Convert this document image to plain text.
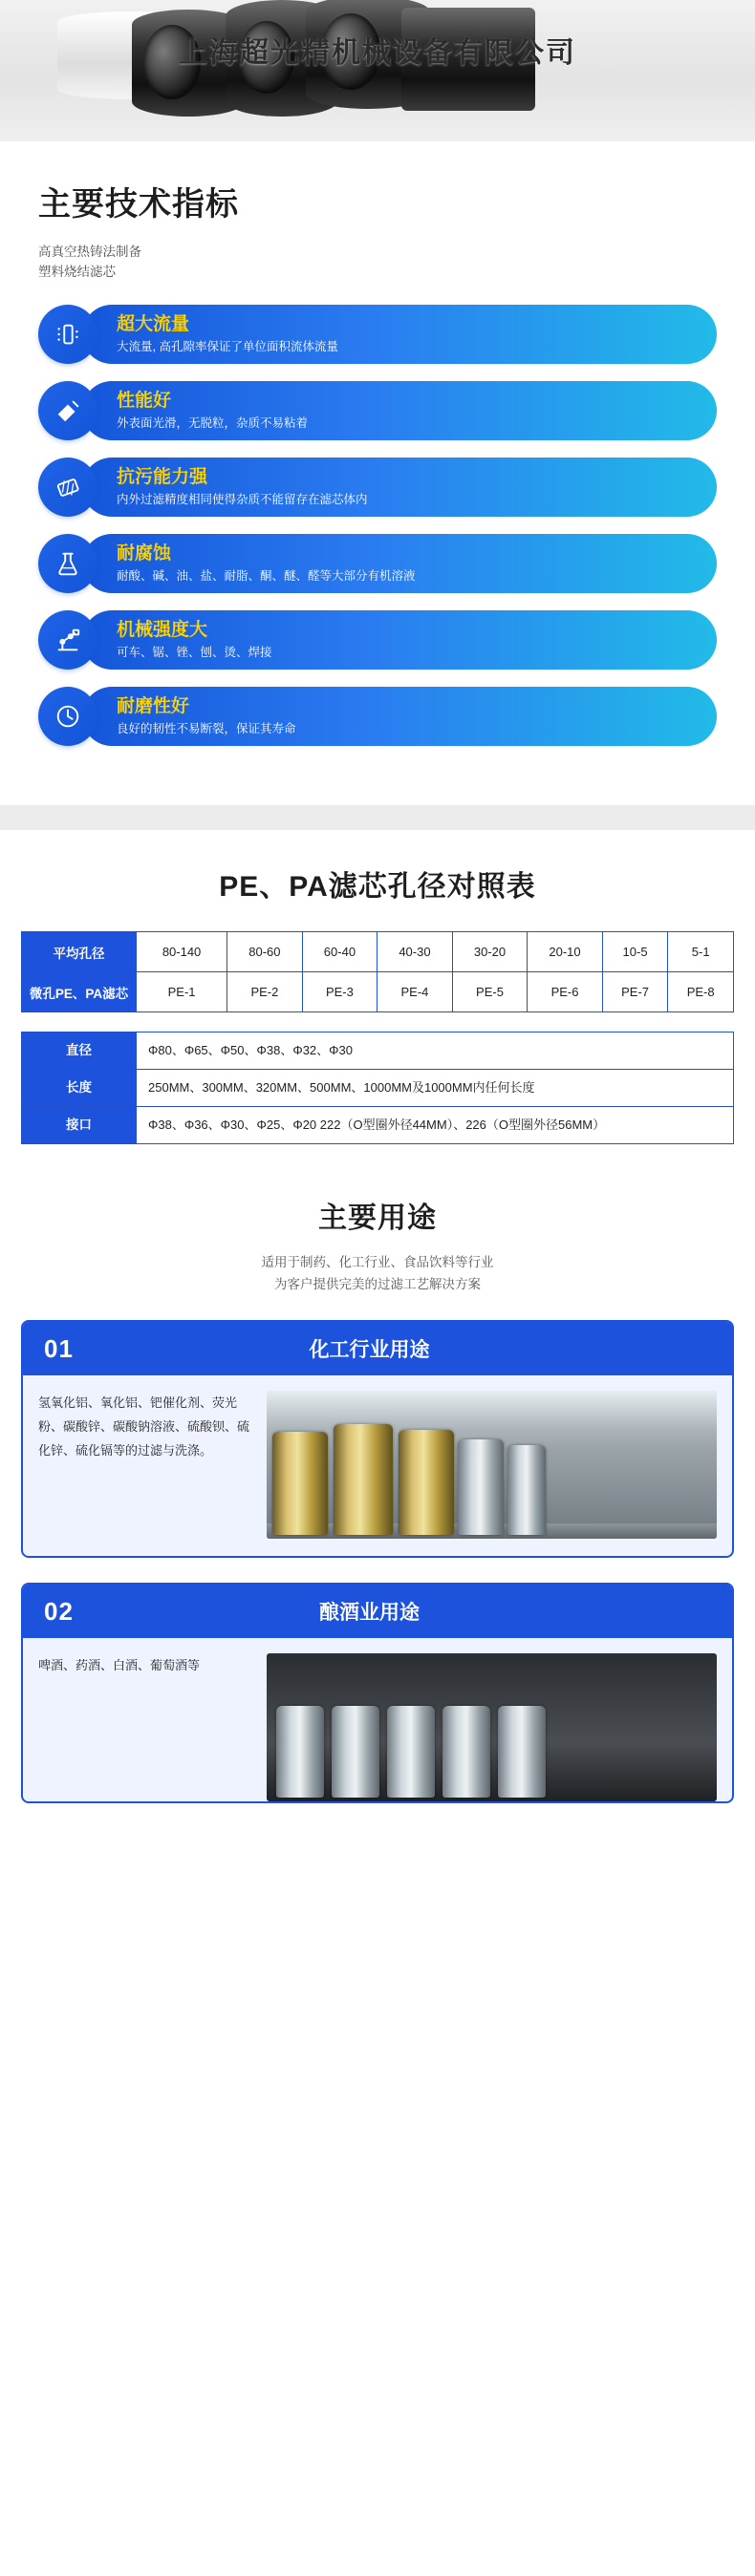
上海超光精机械设备有限公司
主要技术指标
高真空热铸法制备
塑料烧结滤芯
超大流量
大流量, 高孔隙率保证了单位面积流体流量
性能好
外表面光滑，无脱粒，杂质不易粘着
抗污能力强
内外过滤精度相同使得杂质不能留存在滤芯体内
耐腐蚀
耐酸、碱、油、盐、耐脂、酮、醚、醛等大部分有机溶液
机械强度大
可车、锯、锉、刨、烫、焊接
耐磨性好
良好的韧性不易断裂，保证其寿命
PE、PA滤芯孔径对照表
平均孔径	80-140	80-60	60-40	40-30	30-20	20-10	10-5	5-1
微孔PE、PA滤芯	PE-1	PE-2	PE-3	PE-4	PE-5	PE-6	PE-7	PE-8
直径	Φ80、Φ65、Φ50、Φ38、Φ32、Φ30
长度	250MM、300MM、320MM、500MM、1000MM及1000MM内任何长度
接口	Φ38、Φ36、Φ30、Φ25、Φ20 222（O型圈外径44MM）、226（O型圈外径56MM）
主要用途
适用于制药、化工行业、食品饮料等行业
为客户提供完美的过滤工艺解决方案
01	化工行业用途
氢氧化铝、氧化铝、钯催化剂、荧光粉、碳酸锌、碳酸钠溶液、硫酸钡、硫化锌、硫化镉等的过滤与洗涤。
02	酿酒业用途
啤酒、药酒、白酒、葡萄酒等
